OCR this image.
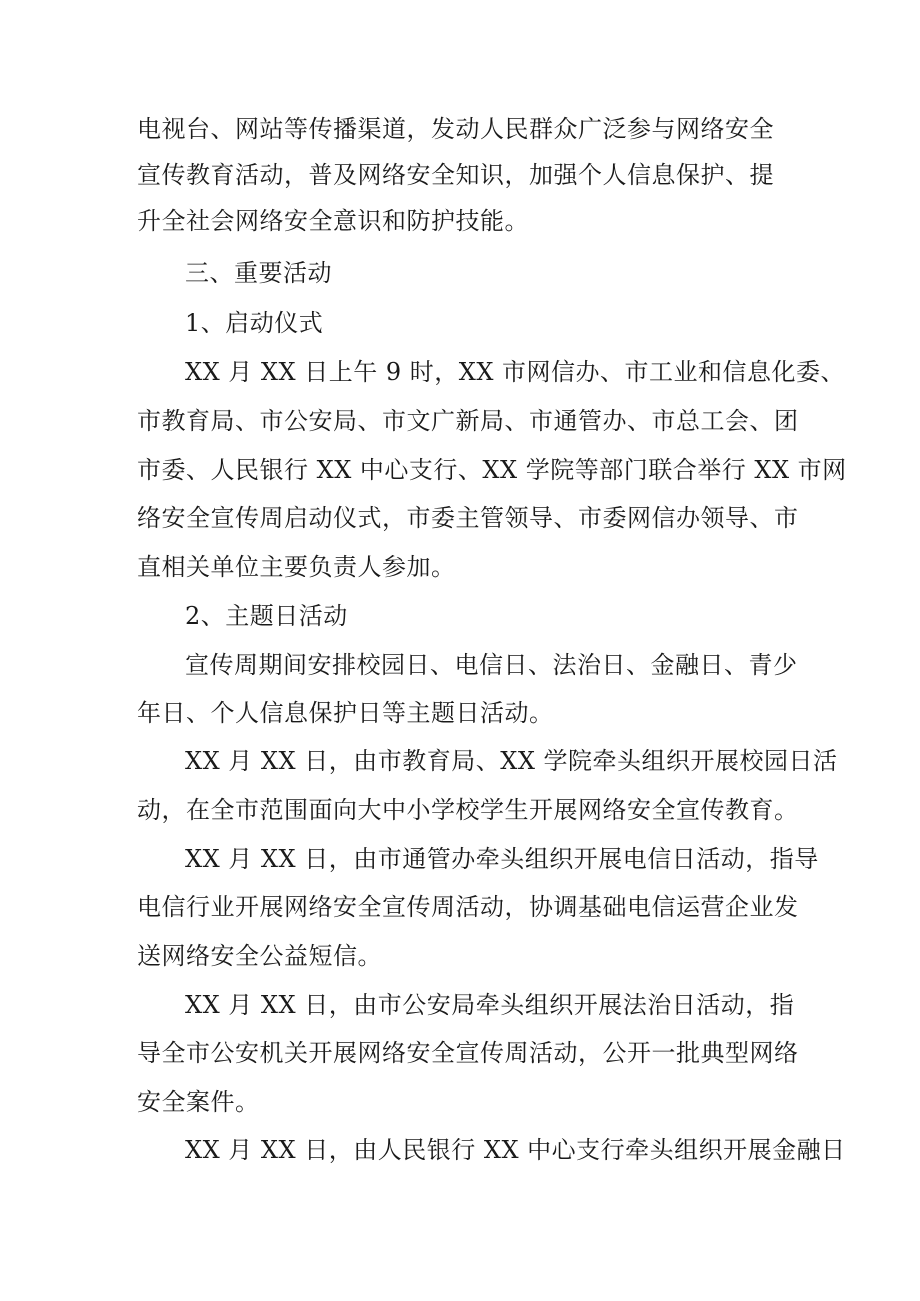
电视台、网站等传播渠道，发动人民群众广泛参与网络安全
宣传教育活动，普及网络安全知识，加强个人信息保护、提
升全社会网络安全意识和防护技能。
三、重要活动
1、启动仪式
XX 月 XX 日上午 9 时，XX 市网信办、市工业和信息化委、
市教育局、市公安局、市文广新局、市通管办、市总工会、团
市委、人民银行 XX 中心支行、XX 学院等部门联合举行 XX 市网
络安全宣传周启动仪式，市委主管领导、市委网信办领导、市
直相关单位主要负责人参加。
2、主题日活动
宣传周期间安排校园日、电信日、法治日、金融日、青少
年日、个人信息保护日等主题日活动。
XX 月 XX 日，由市教育局、XX 学院牵头组织开展校园日活
动，在全市范围面向大中小学校学生开展网络安全宣传教育。
XX 月 XX 日，由市通管办牵头组织开展电信日活动，指导
电信行业开展网络安全宣传周活动，协调基础电信运营企业发
送网络安全公益短信。
XX 月 XX 日，由市公安局牵头组织开展法治日活动，指
导全市公安机关开展网络安全宣传周活动，公开一批典型网络
安全案件。
XX 月 XX 日，由人民银行 XX 中心支行牵头组织开展金融日
